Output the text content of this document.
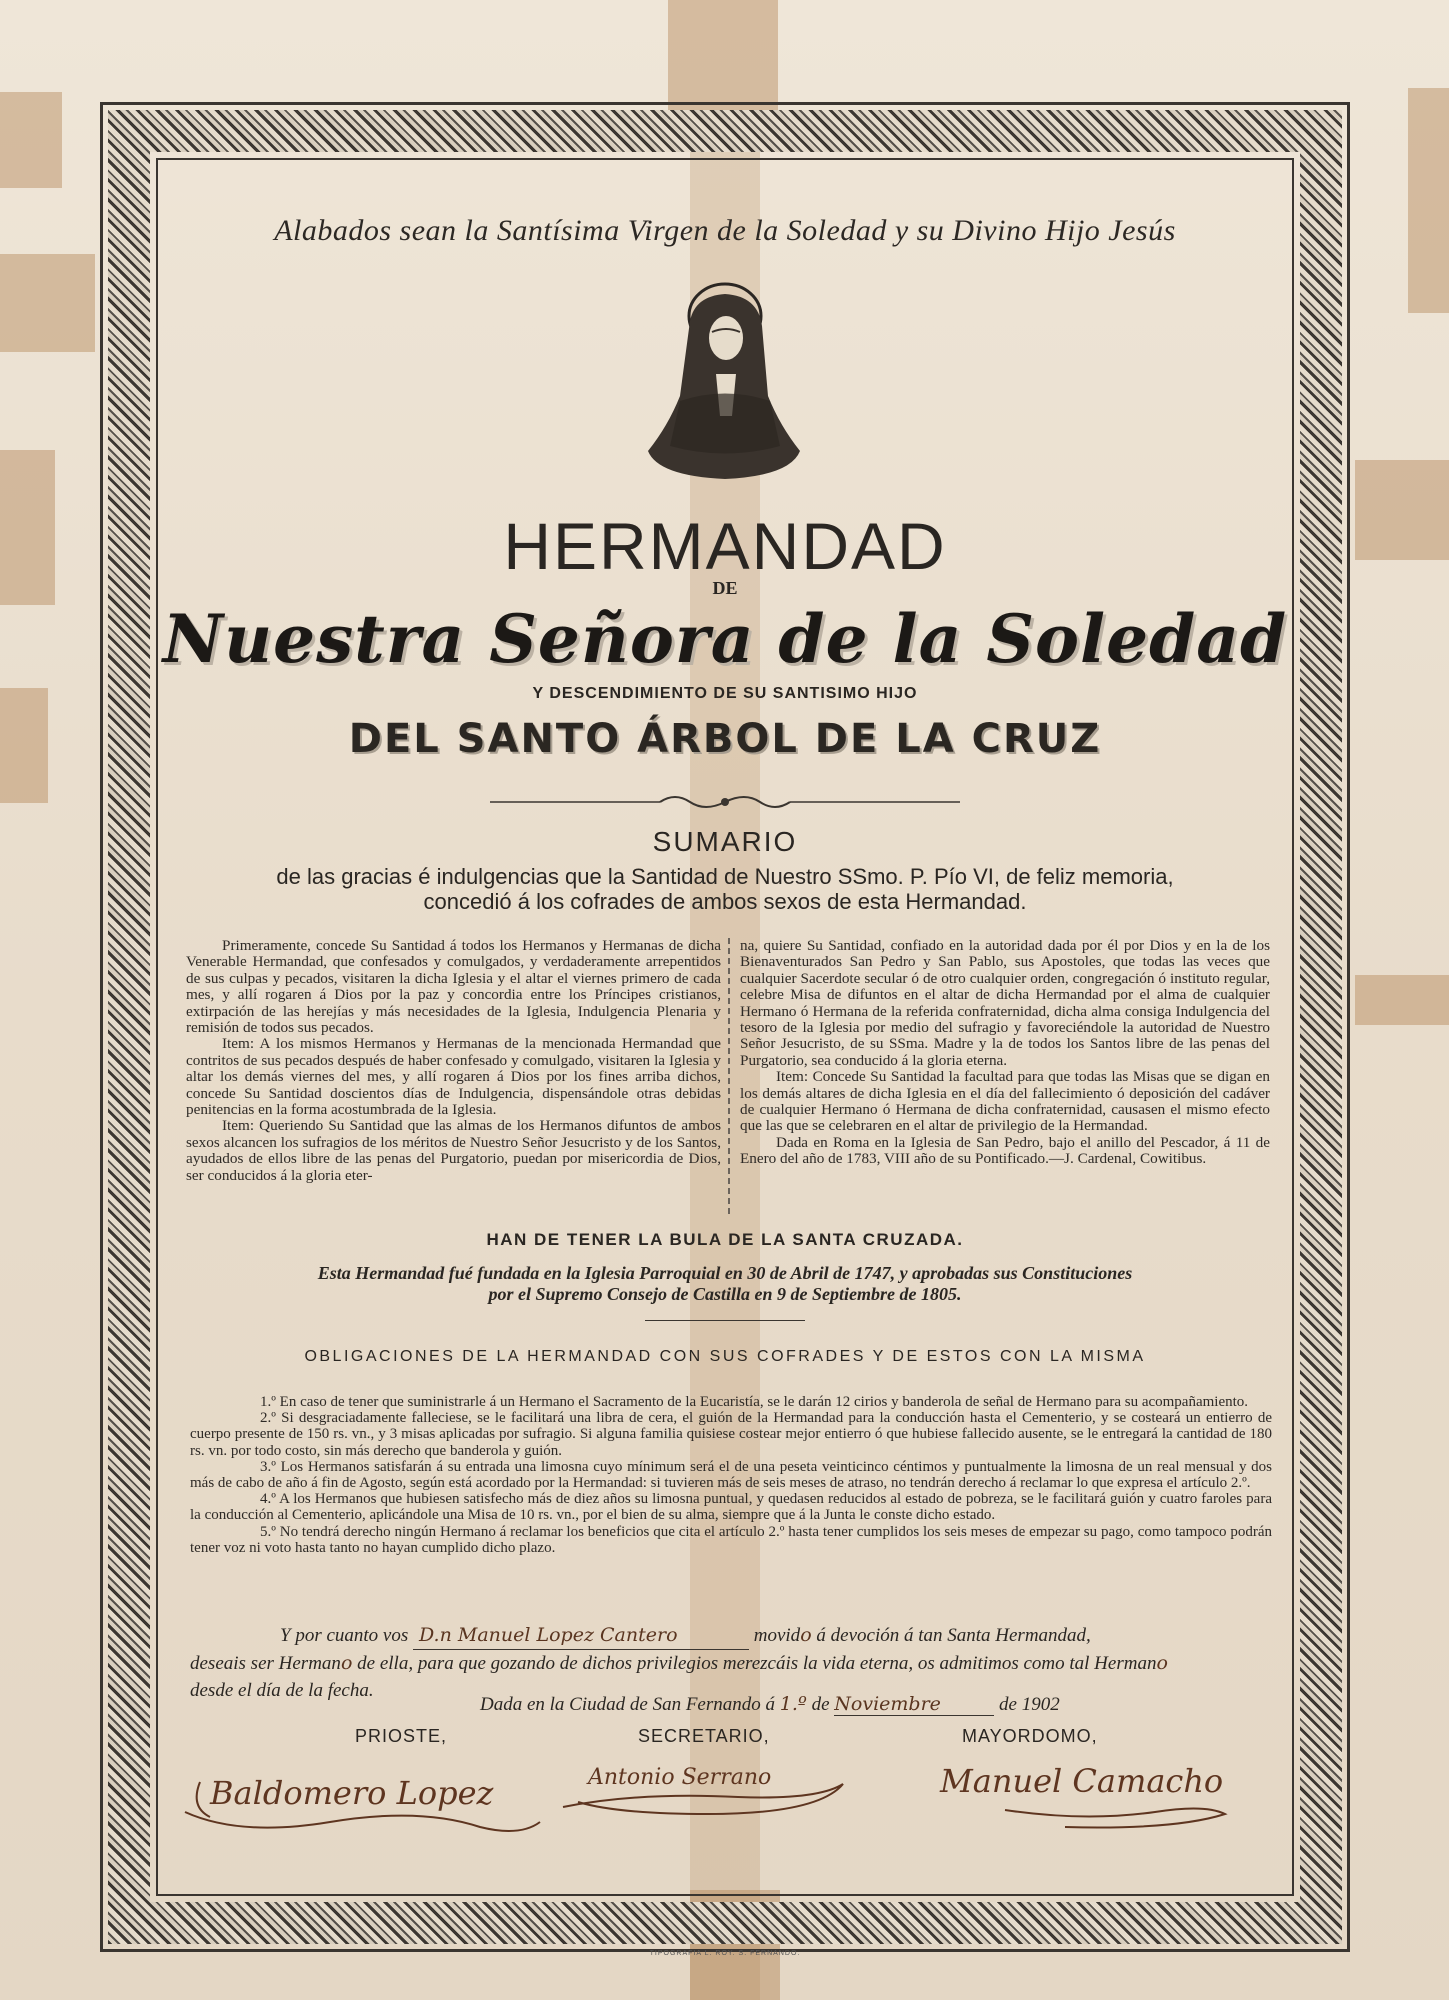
Alabados sean la Santísima Virgen de la Soledad y su Divino Hijo Jesús
HERMANDAD
DE
Nuestra Señora de la Soledad
Y DESCENDIMIENTO DE SU SANTISIMO HIJO
DEL SANTO ÁRBOL DE LA CRUZ
SUMARIO
de las gracias é indulgencias que la Santidad de Nuestro SSmo. P. Pío VI, de feliz memoria,
concedió á los cofrades de ambos sexos de esta Hermandad.

Primeramente, concede Su Santidad á todos los Hermanos y Hermanas de dicha Venerable Hermandad, que confesados y comulgados, y verdaderamente arrepentidos de sus culpas y pecados, visitaren la dicha Iglesia y el altar el viernes primero de cada mes, y allí rogaren á Dios por la paz y concordia entre los Príncipes cristianos, extirpación de las herejías y más necesidades de la Iglesia, Indulgencia Plenaria y remisión de todos sus pecados.

Item: A los mismos Hermanos y Hermanas de la mencionada Hermandad que contritos de sus pecados después de haber confesado y comulgado, visitaren la Iglesia y altar los demás viernes del mes, y allí rogaren á Dios por los fines arriba dichos, concede Su Santidad doscientos días de Indulgencia, dispensándole otras debidas penitencias en la forma acostumbrada de la Iglesia.

Item: Queriendo Su Santidad que las almas de los Hermanos difuntos de ambos sexos alcancen los sufragios de los méritos de Nuestro Señor Jesucristo y de los Santos, ayudados de ellos libre de las penas del Purgatorio, puedan por misericordia de Dios, ser conducidos á la gloria eter-

na, quiere Su Santidad, confiado en la autoridad dada por él por Dios y en la de los Bienaventurados San Pedro y San Pablo, sus Apostoles, que todas las veces que cualquier Sacerdote secular ó de otro cualquier orden, congregación ó instituto regular, celebre Misa de difuntos en el altar de dicha Hermandad por el alma de cualquier Hermano ó Hermana de la referida confraternidad, dicha alma consiga Indulgencia del tesoro de la Iglesia por medio del sufragio y favoreciéndole la autoridad de Nuestro Señor Jesucristo, de su SSma. Madre y la de todos los Santos libre de las penas del Purgatorio, sea conducido á la gloria eterna.

Item: Concede Su Santidad la facultad para que todas las Misas que se digan en los demás altares de dicha Iglesia en el día del fallecimiento ó deposición del cadáver de cualquier Hermano ó Hermana de dicha confraternidad, causasen el mismo efecto que las que se celebraren en el altar de privilegio de la Hermandad.

Dada en Roma en la Iglesia de San Pedro, bajo el anillo del Pescador, á 11 de Enero del año de 1783, VIII año de su Pontificado.—J. Cardenal, Cowitibus.

HAN DE TENER LA BULA DE LA SANTA CRUZADA.
Esta Hermandad fué fundada en la Iglesia Parroquial en 30 de Abril de 1747, y aprobadas sus Constituciones
por el Supremo Consejo de Castilla en 9 de Septiembre de 1805.
OBLIGACIONES DE LA HERMANDAD CON SUS COFRADES Y DE ESTOS CON LA MISMA

1.º En caso de tener que suministrarle á un Hermano el Sacramento de la Eucaristía, se le darán 12 cirios y banderola de señal de Hermano para su acompañamiento.

2.º Si desgraciadamente falleciese, se le facilitará una libra de cera, el guión de la Hermandad para la conducción hasta el Cementerio, y se costeará un entierro de cuerpo presente de 150 rs. vn., y 3 misas aplicadas por sufragio. Si alguna familia quisiese costear mejor entierro ó que hubiese fallecido ausente, se le entregará la cantidad de 180 rs. vn. por todo costo, sin más derecho que banderola y guión.

3.º Los Hermanos satisfarán á su entrada una limosna cuyo mínimum será el de una peseta veinticinco céntimos y puntualmente la limosna de un real mensual y dos más de cabo de año á fin de Agosto, según está acordado por la Hermandad: si tuvieren más de seis meses de atraso, no tendrán derecho á reclamar lo que expresa el artículo 2.º.

4.º A los Hermanos que hubiesen satisfecho más de diez años su limosna puntual, y quedasen reducidos al estado de pobreza, se le facilitará guión y cuatro faroles para la conducción al Cementerio, aplicándole una Misa de 10 rs. vn., por el bien de su alma, siempre que á la Junta le conste dicho estado.

5.º No tendrá derecho ningún Hermano á reclamar los beneficios que cita el artículo 2.º hasta tener cumplidos los seis meses de empezar su pago, como tampoco podrán tener voz ni voto hasta tanto no hayan cumplido dicho plazo.

Y por cuanto vos D.n Manuel Lopez Cantero	movido á devoción á tan Santa Hermandad,
deseais ser Hermano de ella, para que gozando de dichos privilegios merezcáis la vida eterna, os admitimos como tal Hermano
desde el día de la fecha.
Dada en la Ciudad de San Fernando á 1.º de Noviembre	de 1902
PRIOSTE,	SECRETARIO,	MAYORDOMO,
Baldomero Lopez	Antonio Serrano	Manuel Camacho
TIPOGRAFIA L. ROY. S. FERNANDO.
